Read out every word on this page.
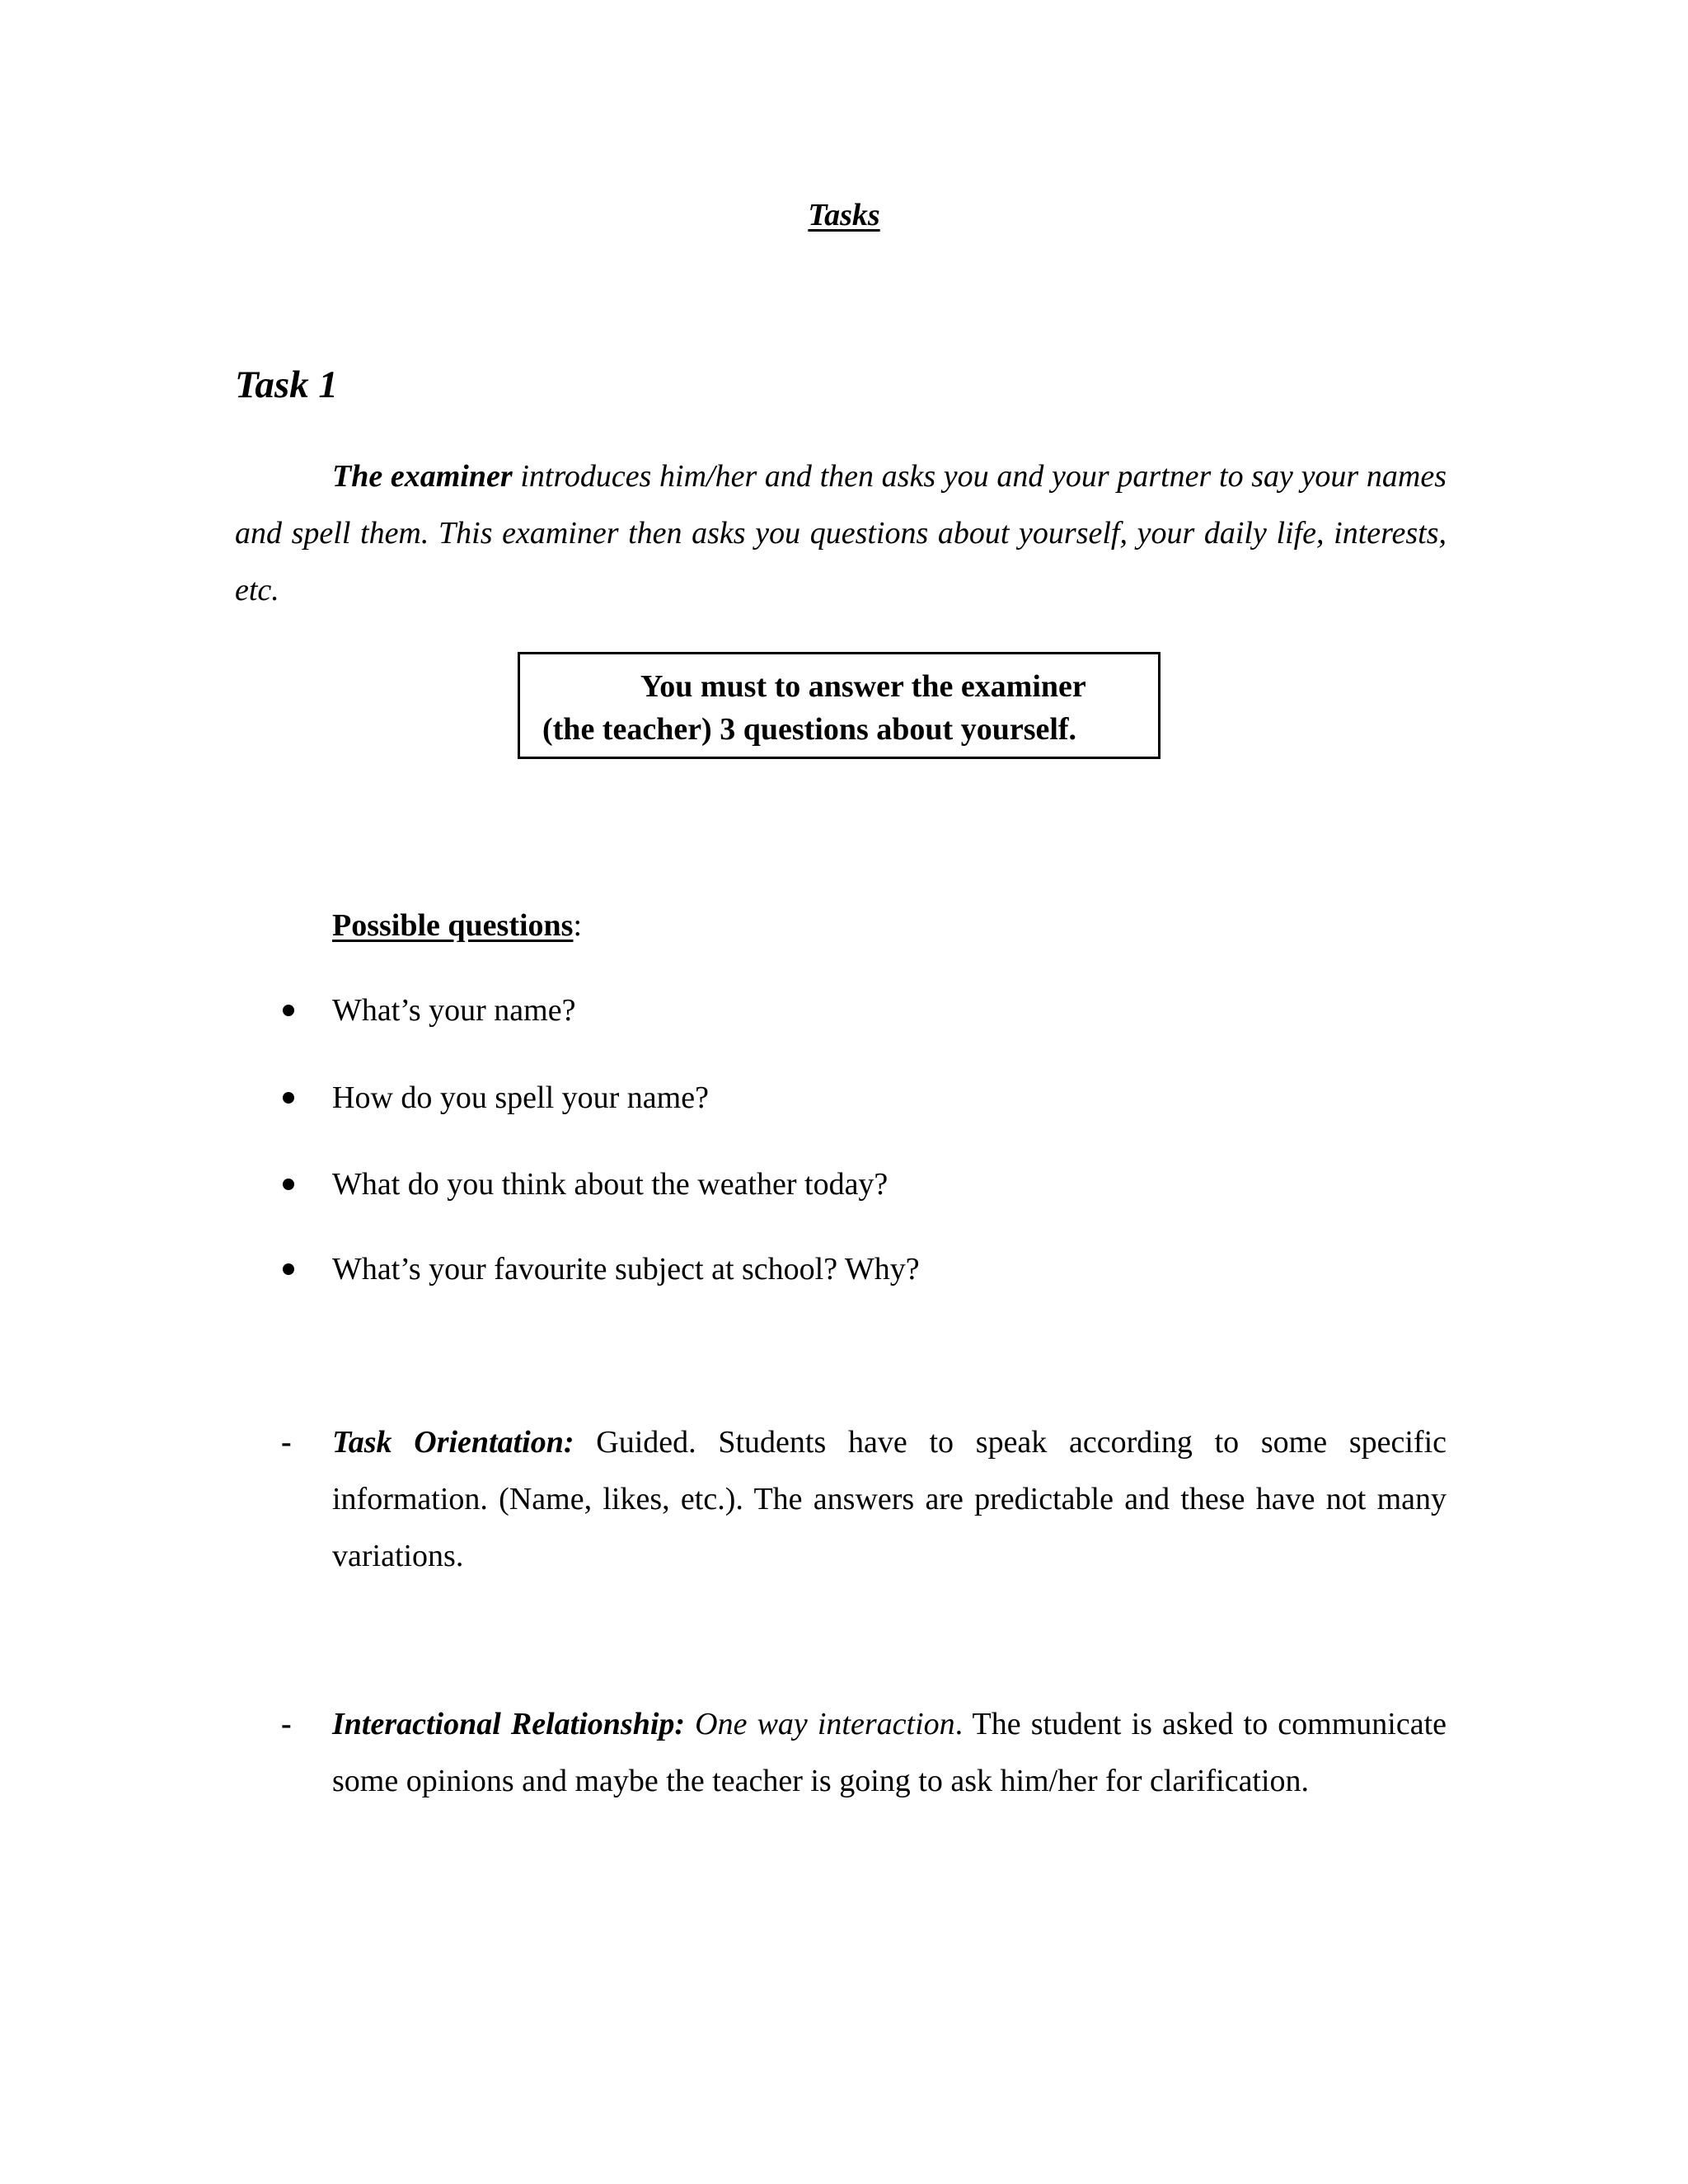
Tasks
Task 1

The examiner introduces him/her and then asks you and your partner to say your names and spell them. This examiner then asks you questions about yourself, your daily life, interests, etc.

You must to answer the examiner
(the teacher) 3 questions about yourself.
Possible questions:
What’s your name?
How do you spell your name?
What do you think about the weather today?
What’s your favourite subject at school? Why?
- Task Orientation: Guided. Students have to speak according to some specific information. (Name, likes, etc.). The answers are predictable and these have not many variations.

- Interactional Relationship: One way interaction. The student is asked to communicate some opinions and maybe the teacher is going to ask him/her for clarification.
